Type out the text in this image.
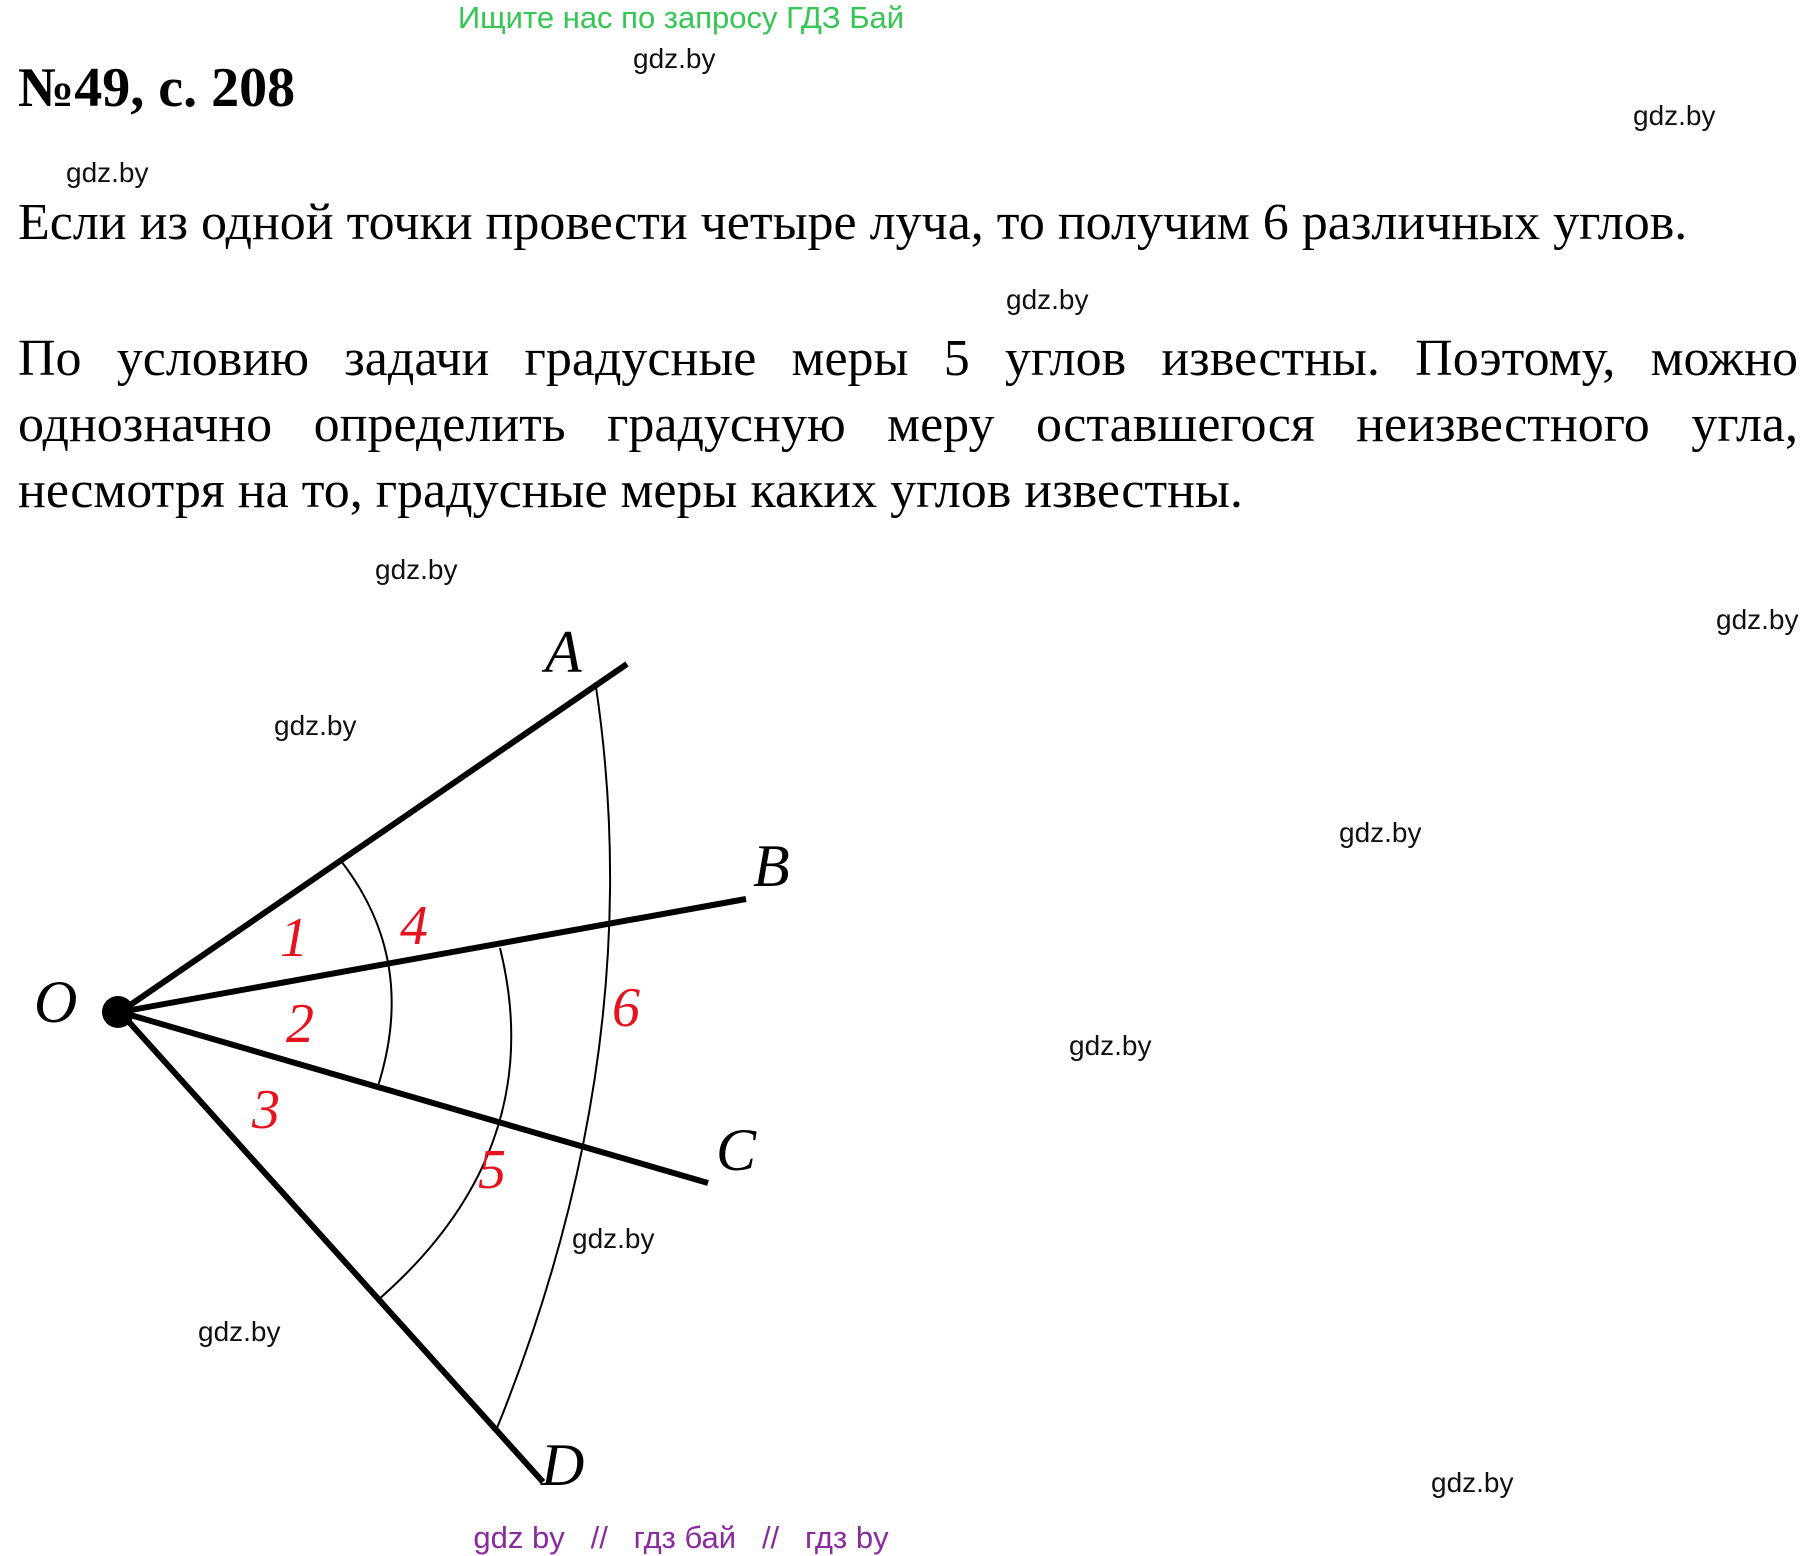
Ищите нас по запросу ГДЗ Бай
№49, с. 208

Если из одной точки провести четыре луча, то получим 6 различных углов.

По условию задачи градусные меры 5 углов известны. Поэтому, можно однозначно определить градусную меру оставшегося неизвестного угла, несмотря на то, градусные меры каких углов известны.

gdz.by
gdz.by
gdz.by
gdz.by
gdz.by
gdz.by
gdz.by
gdz.by
gdz.by
gdz.by
gdz.by
gdz.by
O
A
B
C
D
1
2
3
4
5
6
gdz by // гдз бай // гдз by
